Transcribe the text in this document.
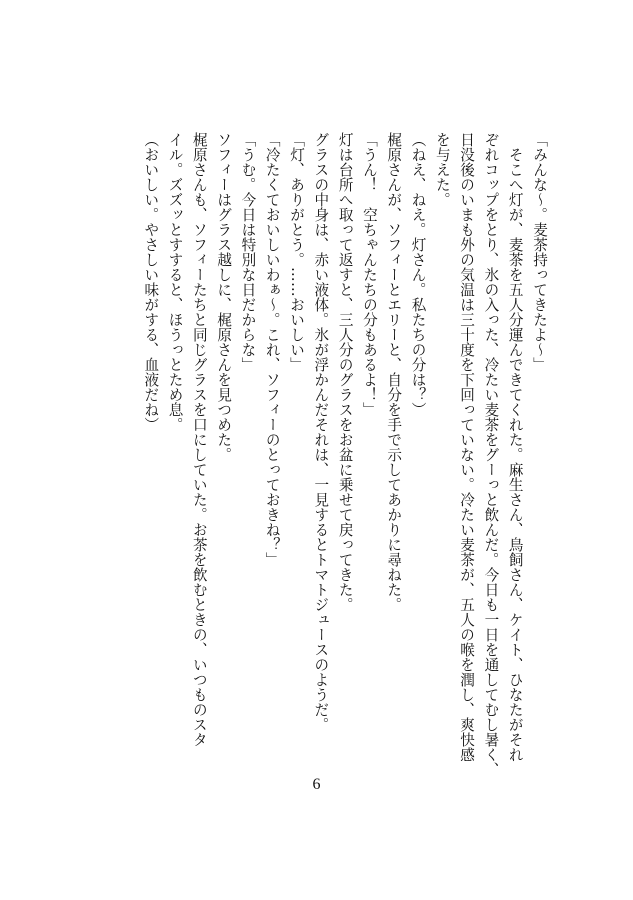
「みんな～。麦茶持ってきたよ～」
　そこへ灯が、麦茶を五人分運んできてくれた。麻生さん、鳥飼さん、ケイト、ひなたがそれ
ぞれコップをとり、氷の入った、冷たい麦茶をグーっと飲んだ。今日も一日を通してむし暑く、
日没後のいまも外の気温は三十度を下回っていない。冷たい麦茶が、五人の喉を潤し、爽快感
を与えた。
（ねえ、ねえ。灯さん。私たちの分は？）
梶原さんが、ソフィーとエリーと、自分を手で示してあかりに尋ねた。
「うん！　空ちゃんたちの分もあるよ！」
灯は台所へ取って返すと、三人分のグラスをお盆に乗せて戻ってきた。
グラスの中身は、赤い液体。氷が浮かんだそれは、一見するとトマトジュースのようだ。
「灯、ありがとう。……おいしい」
「冷たくておいしいわぁ～。これ、ソフィーのとっておきね？」
「うむ。今日は特別な日だからな」
ソフィーはグラス越しに、梶原さんを見つめた。
梶原さんも、ソフィーたちと同じグラスを口にしていた。お茶を飲むときの、いつものスタ
イル。ズズッとすすると、ほうっとため息。
（おいしい。やさしい味がする、血液だね）
6
